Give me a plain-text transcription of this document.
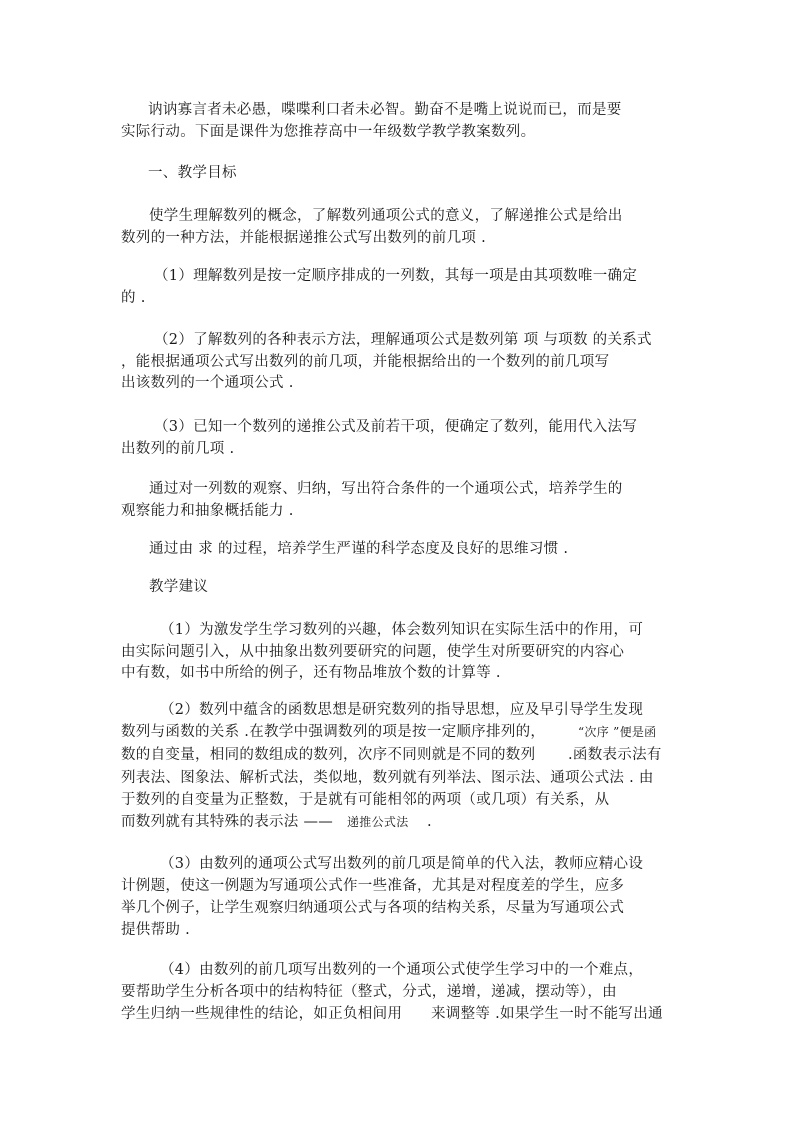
讷讷寡言者未必愚，喋喋利口者未必智。勤奋不是嘴上说说而已，而是要
实际行动。下面是课件为您推荐高中一年级数学教学教案数列。
一、教学目标
使学生理解数列的概念，了解数列通项公式的意义，了解递推公式是给出
数列的一种方法，并能根据递推公式写出数列的前几项 .
（1）理解数列是按一定顺序排成的一列数，其每一项是由其项数唯一确定
的 .
（2）了解数列的各种表示方法，理解通项公式是数列第 项 与项数 的关系式
，能根据通项公式写出数列的前几项，并能根据给出的一个数列的前几项写
出该数列的一个通项公式 .
（3）已知一个数列的递推公式及前若干项，便确定了数列，能用代入法写
出数列的前几项 .
通过对一列数的观察、归纳，写出符合条件的一个通项公式，培养学生的
观察能力和抽象概括能力 .
通过由 求 的过程，培养学生严谨的科学态度及良好的思维习惯 .
教学建议
（1）为激发学生学习数列的兴趣，体会数列知识在实际生活中的作用，可
由实际问题引入，从中抽象出数列要研究的问题，使学生对所要研究的内容心
中有数，如书中所给的例子，还有物品堆放个数的计算等 .
（2）数列中蕴含的函数思想是研究数列的指导思想，应及早引导学生发现
数列与函数的关系 .在教学中强调数列的项是按一定顺序排列的，	“次序 ”便是函
数的自变量，相同的数组成的数列，次序不同则就是不同的数列 .函数表示法有
列表法、图象法、解析式法，类似地，数列就有列举法、图示法、通项公式法 . 由
于数列的自变量为正整数，于是就有可能相邻的两项（或几项）有关系，从
而数列就有其特殊的表示法 —— 递推公式法 .
（3）由数列的通项公式写出数列的前几项是简单的代入法，教师应精心设
计例题，使这一例题为写通项公式作一些准备，尤其是对程度差的学生，应多
举几个例子，让学生观察归纳通项公式与各项的结构关系，尽量为写通项公式
提供帮助 .
（4）由数列的前几项写出数列的一个通项公式使学生学习中的一个难点，
要帮助学生分析各项中的结构特征（整式，分式，递增，递减，摆动等），由
学生归纳一些规律性的结论，如正负相间用 来调整等 .如果学生一时不能写出通
